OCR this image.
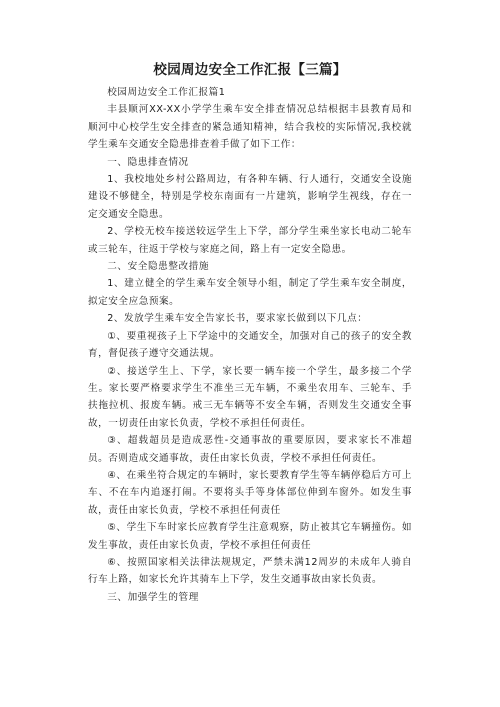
校园周边安全工作汇报【三篇】

校园周边安全工作汇报篇1

丰县顺河XX-XX小学学生乘车安全排查情况总结根据丰县教育局和顺河中心校学生安全排查的紧急通知精神，结合我校的实际情况,我校就学生乘车交通安全隐患排查着手做了如下工作：

一、隐患排查情况

1、我校地处乡村公路周边，有各种车辆、行人通行，交通安全设施建设不够健全，特别是学校东南面有一片建筑，影响学生视线，存在一定交通安全隐患。

2、学校无校车接送较远学生上下学，部分学生乘坐家长电动二轮车或三轮车，往返于学校与家庭之间，路上有一定安全隐患。

二、安全隐患整改措施

1、建立健全的学生乘车安全领导小组，制定了学生乘车安全制度，拟定安全应急预案。

2、发放学生乘车安全告家长书，要求家长做到以下几点：

①、要重视孩子上下学途中的交通安全，加强对自己的孩子的安全教育，督促孩子遵守交通法规。

②、接送学生上、下学，家长要一辆车接一个学生，最多接二个学生。家长要严格要求学生不准坐三无车辆，不乘坐农用车、三轮车、手扶拖拉机、报废车辆。戒三无车辆等不安全车辆，否则发生交通安全事故，一切责任由家长负责，学校不承担任何责任。

③、超载超员是造成恶性-交通事故的重要原因，要求家长不准超员。否则造成交通事故，责任由家长负责，学校不承担任何责任。

④、在乘坐符合规定的车辆时，家长要教育学生等车辆停稳后方可上车、不在车内追逐打闹。不要将头手等身体部位伸到车窗外。如发生事故，责任由家长负责，学校不承担任何责任

⑤、学生下车时家长应教育学生注意观察，防止被其它车辆撞伤。如发生事故，责任由家长负责，学校不承担任何责任

⑥、按照国家相关法律法规规定，严禁未满12周岁的未成年人骑自行车上路，如家长允许其骑车上下学，发生交通事故由家长负责。

三、加强学生的管理
